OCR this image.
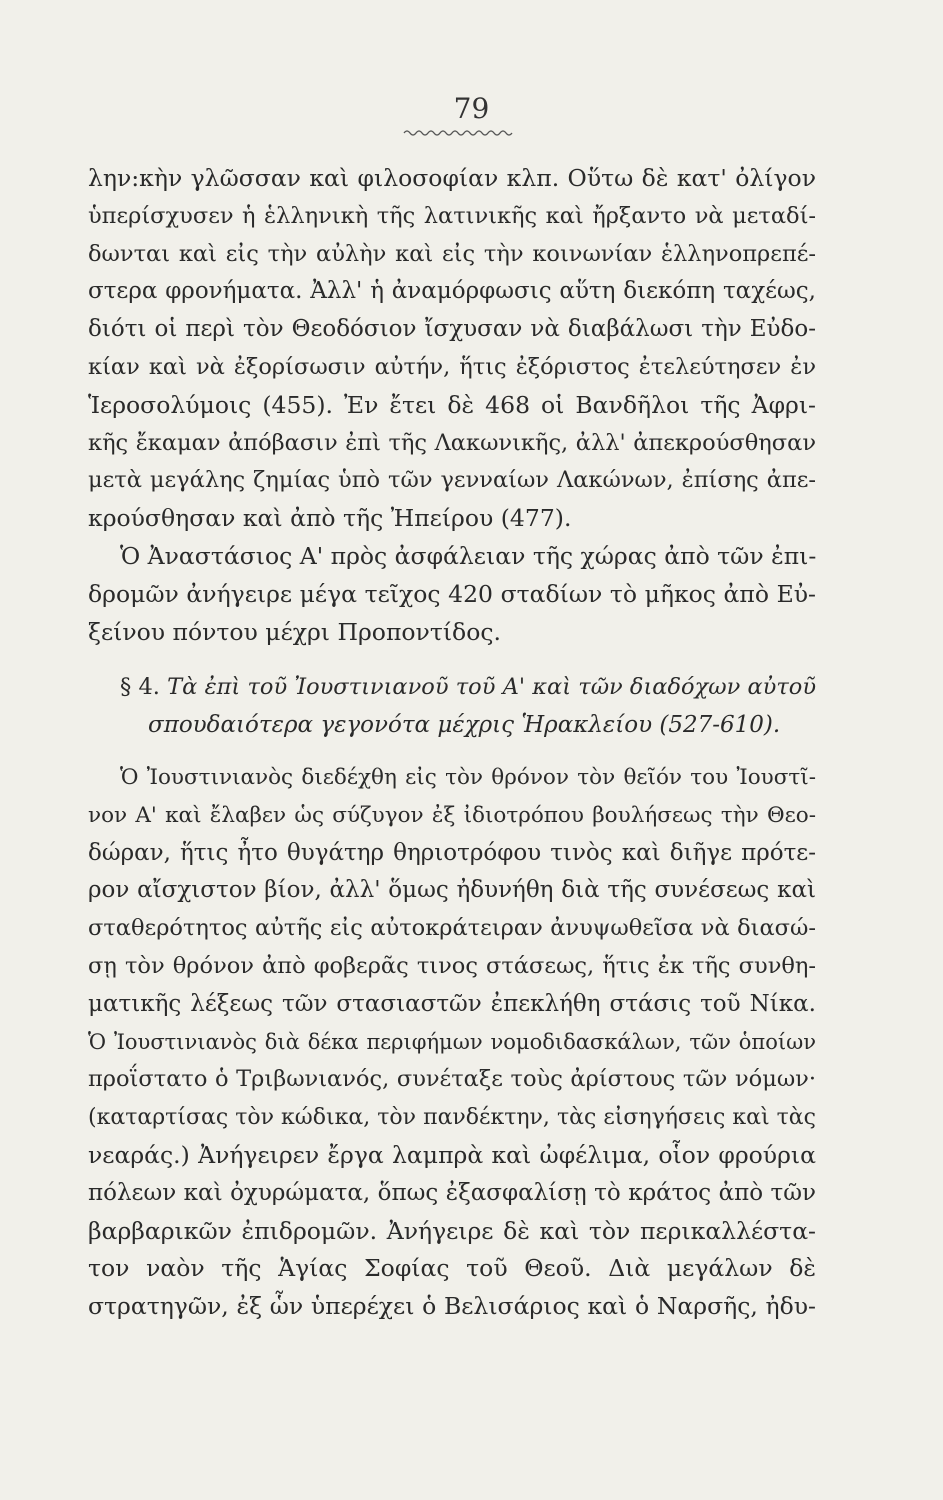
79
λην:κὴν γλῶσσαν καὶ φιλοσοφίαν κλπ. Οὕτω δὲ κατ' ὀλίγον
ὑπερίσχυσεν ἡ ἑλληνικὴ τῆς λατινικῆς καὶ ἤρξαντο νὰ μεταδί-
δωνται καὶ εἰς τὴν αὐλὴν καὶ εἰς τὴν κοινωνίαν ἑλληνοπρεπέ-
στερα φρονήματα. Ἀλλ' ἡ ἀναμόρφωσις αὕτη διεκόπη ταχέως,
διότι οἱ περὶ τὸν Θεοδόσιον ἴσχυσαν νὰ διαβάλωσι τὴν Εὐδο-
κίαν καὶ νὰ ἐξορίσωσιν αὐτήν, ἥτις ἐξόριστος ἐτελεύτησεν ἐν
Ἱεροσολύμοις (455). Ἐν ἔτει δὲ 468 οἱ Βανδῆλοι τῆς Ἀφρι-
κῆς ἔκαμαν ἀπόβασιν ἐπὶ τῆς Λακωνικῆς, ἀλλ' ἀπεκρούσθησαν
μετὰ μεγάλης ζημίας ὑπὸ τῶν γενναίων Λακώνων, ἐπίσης ἀπε-
κρούσθησαν καὶ ἀπὸ τῆς Ἠπείρου (477).
Ὁ Ἀναστάσιος Α' πρὸς ἀσφάλειαν τῆς χώρας ἀπὸ τῶν ἐπι-
δρομῶν ἀνήγειρε μέγα τεῖχος 420 σταδίων τὸ μῆκος ἀπὸ Εὐ-
ξείνου πόντου μέχρι Προποντίδος.
§ 4. Τὰ ἐπὶ τοῦ Ἰουστινιανοῦ τοῦ Α' καὶ τῶν διαδόχων αὐτοῦ
σπουδαιότερα γεγονότα μέχρις Ἡρακλείου (527-610).
Ὁ Ἰουστινιανὸς διεδέχθη εἰς τὸν θρόνον τὸν θεῖόν του Ἰουστῖ-
νον Α' καὶ ἔλαβεν ὡς σύζυγον ἐξ ἰδιοτρόπου βουλήσεως τὴν Θεο-
δώραν, ἥτις ἦτο θυγάτηρ θηριοτρόφου τινὸς καὶ διῆγε πρότε-
ρον αἴσχιστον βίον, ἀλλ' ὅμως ἠδυνήθη διὰ τῆς συνέσεως καὶ
σταθερότητος αὐτῆς εἰς αὐτοκράτειραν ἀνυψωθεῖσα νὰ διασώ-
σῃ τὸν θρόνον ἀπὸ φοβερᾶς τινος στάσεως, ἥτις ἐκ τῆς συνθη-
ματικῆς λέξεως τῶν στασιαστῶν ἐπεκλήθη στάσις τοῦ Νίκα.
Ὁ Ἰουστινιανὸς διὰ δέκα περιφήμων νομοδιδασκάλων, τῶν ὁποίων
προΐστατο ὁ Τριβωνιανός, συνέταξε τοὺς ἀρίστους τῶν νόμων·
(καταρτίσας τὸν κώδικα, τὸν πανδέκτην, τὰς εἰσηγήσεις καὶ τὰς
νεαράς.) Ἀνήγειρεν ἔργα λαμπρὰ καὶ ὠφέλιμα, οἷον φρούρια
πόλεων καὶ ὀχυρώματα, ὅπως ἐξασφαλίσῃ τὸ κράτος ἀπὸ τῶν
βαρβαρικῶν ἐπιδρομῶν. Ἀνήγειρε δὲ καὶ τὸν περικαλλέστα-
τον ναὸν τῆς Ἁγίας Σοφίας τοῦ Θεοῦ. Διὰ μεγάλων δὲ
στρατηγῶν, ἐξ ὧν ὑπερέχει ὁ Βελισάριος καὶ ὁ Ναρσῆς, ἠδυ-
